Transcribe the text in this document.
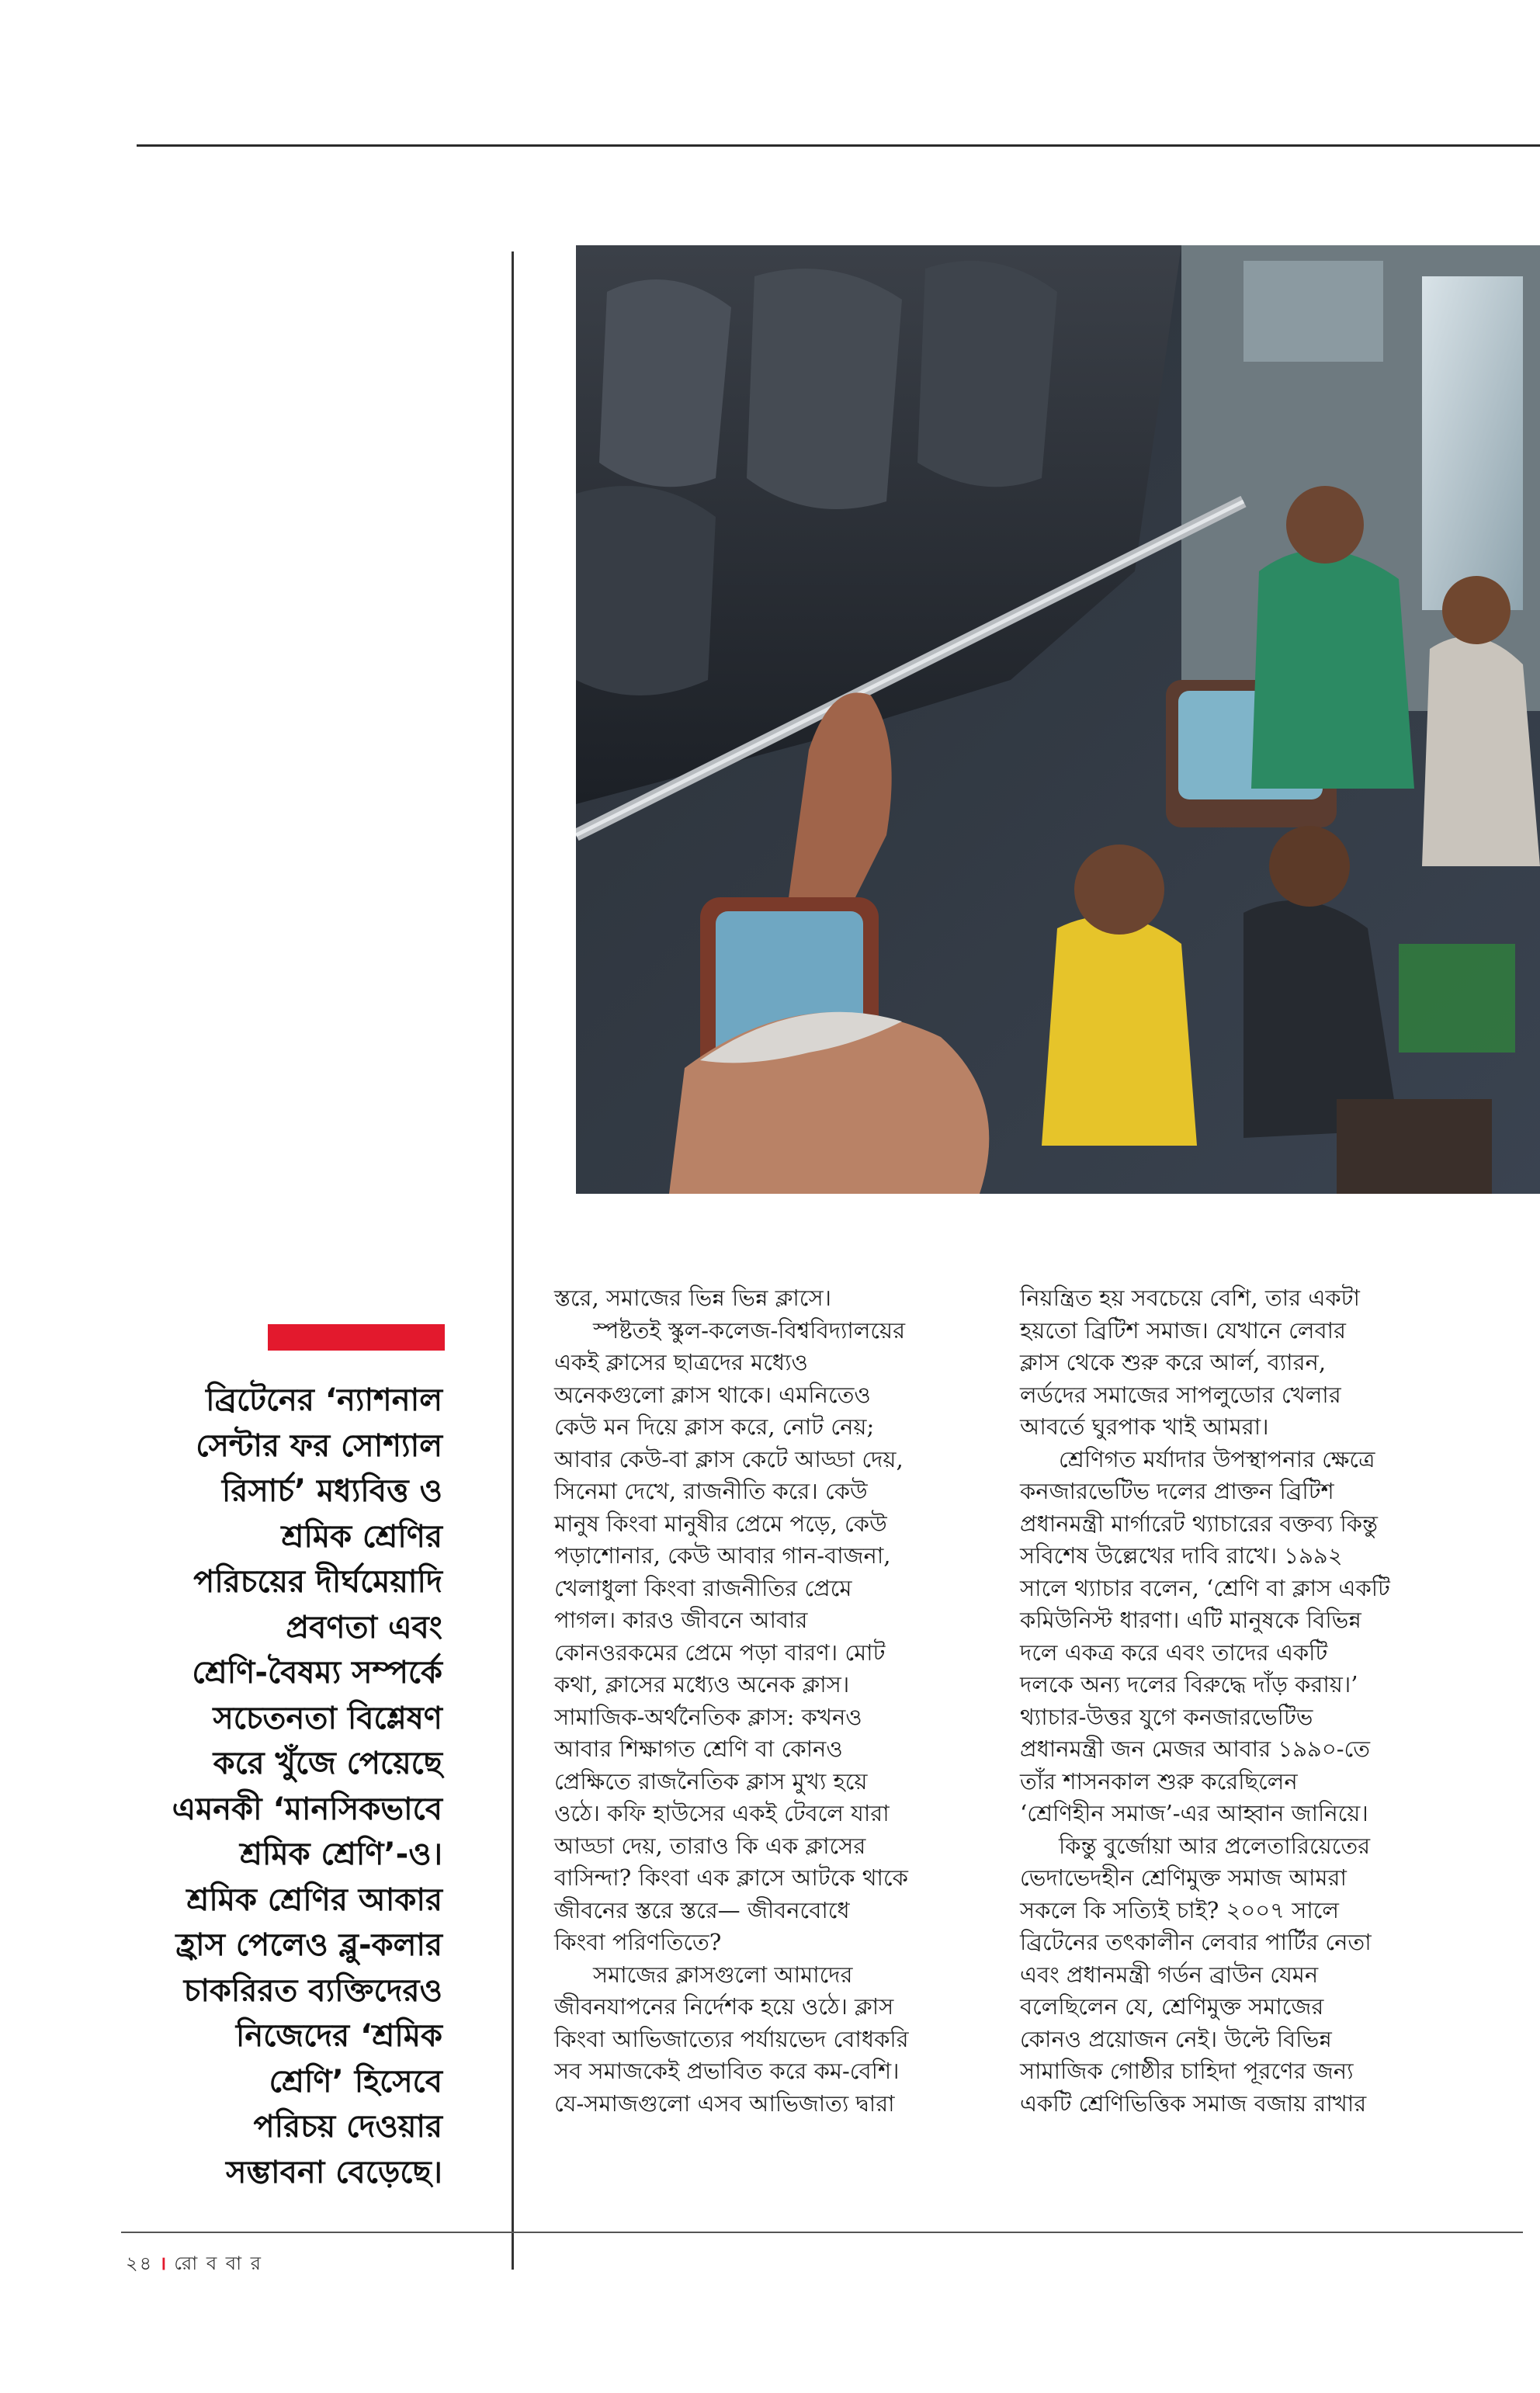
ব্রিটেনের ‘ন্যাশনাল
সেন্টার ফর সোশ্যাল
রিসার্চ’ মধ্যবিত্ত ও
শ্রমিক শ্রেণির
পরিচয়ের দীর্ঘমেয়াদি
প্রবণতা এবং
শ্রেণি-বৈষম্য সম্পর্কে
সচেতনতা বিশ্লেষণ
করে খুঁজে পেয়েছে
এমনকী ‘মানসিকভাবে
শ্রমিক শ্রেণি’-ও।
শ্রমিক শ্রেণির আকার
হ্রাস পেলেও ব্লু-কলার
চাকরিরত ব্যক্তিদেরও
নিজেদের ‘শ্রমিক
শ্রেণি’ হিসেবে
পরিচয় দেওয়ার
সম্ভাবনা বেড়েছে।
স্তরে, সমাজের ভিন্ন ভিন্ন ক্লাসে।
স্পষ্টতই স্কুল-কলেজ-বিশ্ববিদ্যালয়ের
একই ক্লাসের ছাত্রদের মধ্যেও
অনেকগুলো ক্লাস থাকে। এমনিতেও
কেউ মন দিয়ে ক্লাস করে, নোট নেয়;
আবার কেউ-বা ক্লাস কেটে আড্ডা দেয়,
সিনেমা দেখে, রাজনীতি করে। কেউ
মানুষ কিংবা মানুষীর প্রেমে পড়ে, কেউ
পড়াশোনার, কেউ আবার গান-বাজনা,
খেলাধুলা কিংবা রাজনীতির প্রেমে
পাগল। কারও জীবনে আবার
কোনওরকমের প্রেমে পড়া বারণ। মোট
কথা, ক্লাসের মধ্যেও অনেক ক্লাস।
সামাজিক-অর্থনৈতিক ক্লাস: কখনও
আবার শিক্ষাগত শ্রেণি বা কোনও
প্রেক্ষিতে রাজনৈতিক ক্লাস মুখ্য হয়ে
ওঠে। কফি হাউসের একই টেবলে যারা
আড্ডা দেয়, তারাও কি এক ক্লাসের
বাসিন্দা? কিংবা এক ক্লাসে আটকে থাকে
জীবনের স্তরে স্তরে— জীবনবোধে
কিংবা পরিণতিতে?
সমাজের ক্লাসগুলো আমাদের
জীবনযাপনের নির্দেশক হয়ে ওঠে। ক্লাস
কিংবা আভিজাত্যের পর্যায়ভেদ বোধকরি
সব সমাজকেই প্রভাবিত করে কম-বেশি।
যে-সমাজগুলো এসব আভিজাত্য দ্বারা
নিয়ন্ত্রিত হয় সবচেয়ে বেশি, তার একটা
হয়তো ব্রিটিশ সমাজ। যেখানে লেবার
ক্লাস থেকে শুরু করে আর্ল, ব্যারন,
লর্ডদের সমাজের সাপলুডোর খেলার
আবর্তে ঘুরপাক খাই আমরা।
শ্রেণিগত মর্যাদার উপস্থাপনার ক্ষেত্রে
কনজারভেটিভ দলের প্রাক্তন ব্রিটিশ
প্রধানমন্ত্রী মার্গারেট থ্যাচারের বক্তব্য কিন্তু
সবিশেষ উল্লেখের দাবি রাখে। ১৯৯২
সালে থ্যাচার বলেন, ‘শ্রেণি বা ক্লাস একটি
কমিউনিস্ট ধারণা। এটি মানুষকে বিভিন্ন
দলে একত্র করে এবং তাদের একটি
দলকে অন্য দলের বিরুদ্ধে দাঁড় করায়।’
থ্যাচার-উত্তর যুগে কনজারভেটিভ
প্রধানমন্ত্রী জন মেজর আবার ১৯৯০-তে
তাঁর শাসনকাল শুরু করেছিলেন
‘শ্রেণিহীন সমাজ’-এর আহ্বান জানিয়ে।
কিন্তু বুর্জোয়া আর প্রলেতারিয়েতের
ভেদাভেদহীন শ্রেণিমুক্ত সমাজ আমরা
সকলে কি সত্যিই চাই? ২০০৭ সালে
ব্রিটেনের তৎকালীন লেবার পার্টির নেতা
এবং প্রধানমন্ত্রী গর্ডন ব্রাউন যেমন
বলেছিলেন যে, শ্রেণিমুক্ত সমাজের
কোনও প্রয়োজন নেই। উল্টে বিভিন্ন
সামাজিক গোষ্ঠীর চাহিদা পূরণের জন্য
একটি শ্রেণিভিত্তিক সমাজ বজায় রাখার
২৪ । রো ব বা র
